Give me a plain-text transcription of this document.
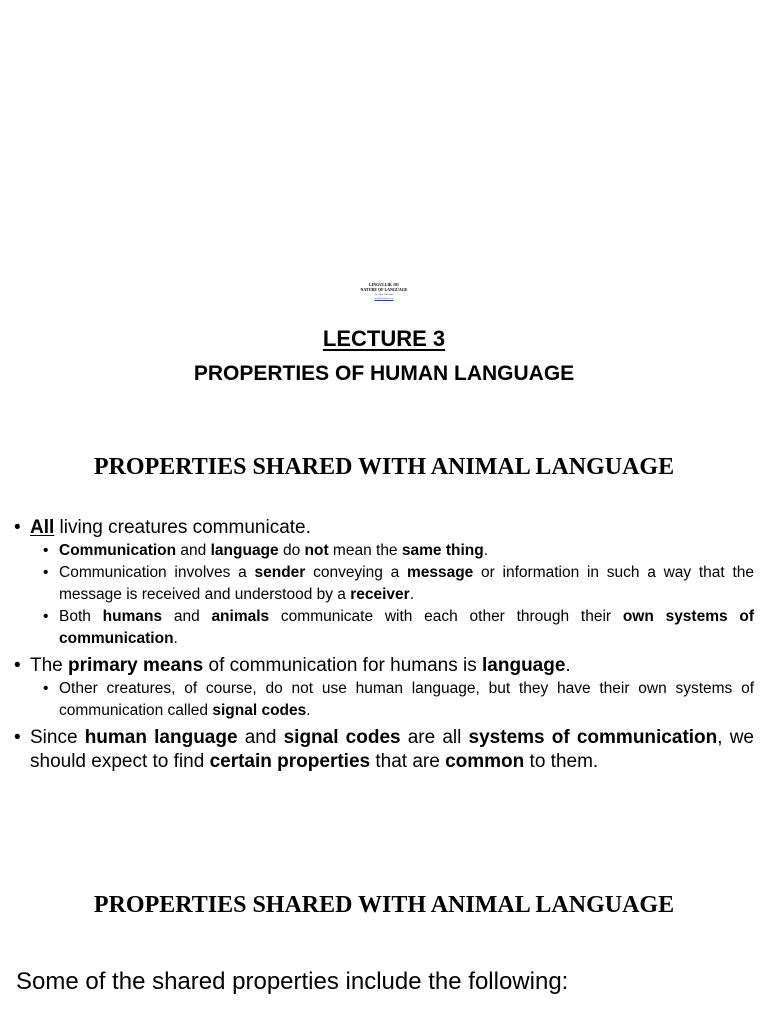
LINGUI.LIK 101
NATURE OF LANGUAGE
Dr. John Anderson
info@linguistics.ac
LECTURE 3
PROPERTIES OF HUMAN LANGUAGE
PROPERTIES SHARED WITH ANIMAL LANGUAGE
• All living creatures communicate.
• Communication and language do not mean the same thing.
• Communication involves a sender conveying a message or information in such a way that the message is received and understood by a receiver.
• Both humans and animals communicate with each other through their own systems of communication.
• The primary means of communication for humans is language.
• Other creatures, of course, do not use human language, but they have their own systems of communication called signal codes.
• Since human language and signal codes are all systems of communication, we should expect to find certain properties that are common to them.
PROPERTIES SHARED WITH ANIMAL LANGUAGE
Some of the shared properties include the following:
